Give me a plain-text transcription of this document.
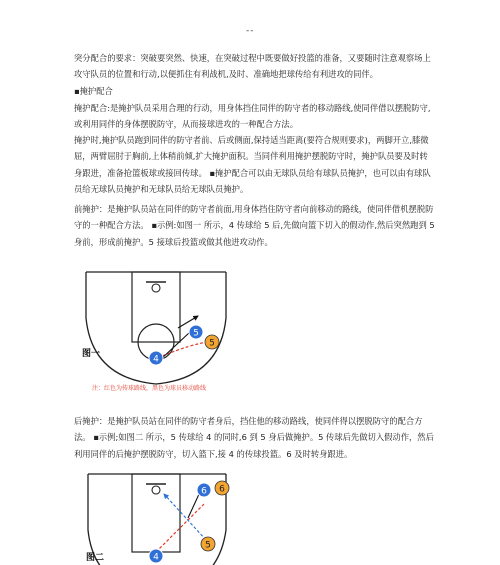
--
突分配合的要求：突破要突然、快速，在突破过程中既要做好投篮的准备，又要随时注意观察场上攻守队员的位置和行动,以便抓住有利战机,及时、准确地把球传给有利进攻的同伴。
▪掩护配合
掩护配合:是掩护队员采用合理的行动，用身体挡住同伴的防守者的移动路线,使同伴借以摆脱防守,或利用同伴的身体摆脱防守，从而接球进攻的一种配合方法。
掩护时,掩护队员跑到同伴的防守者前、后或侧面,保持适当距离(要符合规则要求)，两脚开立,膝微屈，两臂屈肘于胸前,上体稍前倾,扩大掩护面积。当同伴利用掩护摆脱防守时，掩护队员要及时转身跟进，准备抢篮板球或接回传球。 ▪掩护配合可以由无球队员给有球队员掩护，也可以由有球队员给无球队员掩护和无球队员给无球队员掩护。
前掩护：是掩护队员站在同伴的防守者前面,用身体挡住防守者向前移动的路线，使同伴借机摆脱防守的一种配合方法。 ▪示例:如图一 所示，4 传球给 5 后,先做向篮下切入的假动作,然后突然跑到 5 身前，形成前掩护。5 接球后投篮或做其他进攻动作。
4
5
5
图一
注：红色为传球路线，黑色为球员移动路线
后掩护：是掩护队员站在同伴的防守者身后，挡住他的移动路线，使同伴得以摆脱防守的配合方法。 ▪示例;如图二 所示，5 传球给 4 的同时,6 到 5 身后做掩护。5 传球后先做切入假动作，然后利用同伴的后掩护摆脱防守，切入篮下,接 4 的传球投篮。6 及时转身跟进。
6 6
4
5
图二
